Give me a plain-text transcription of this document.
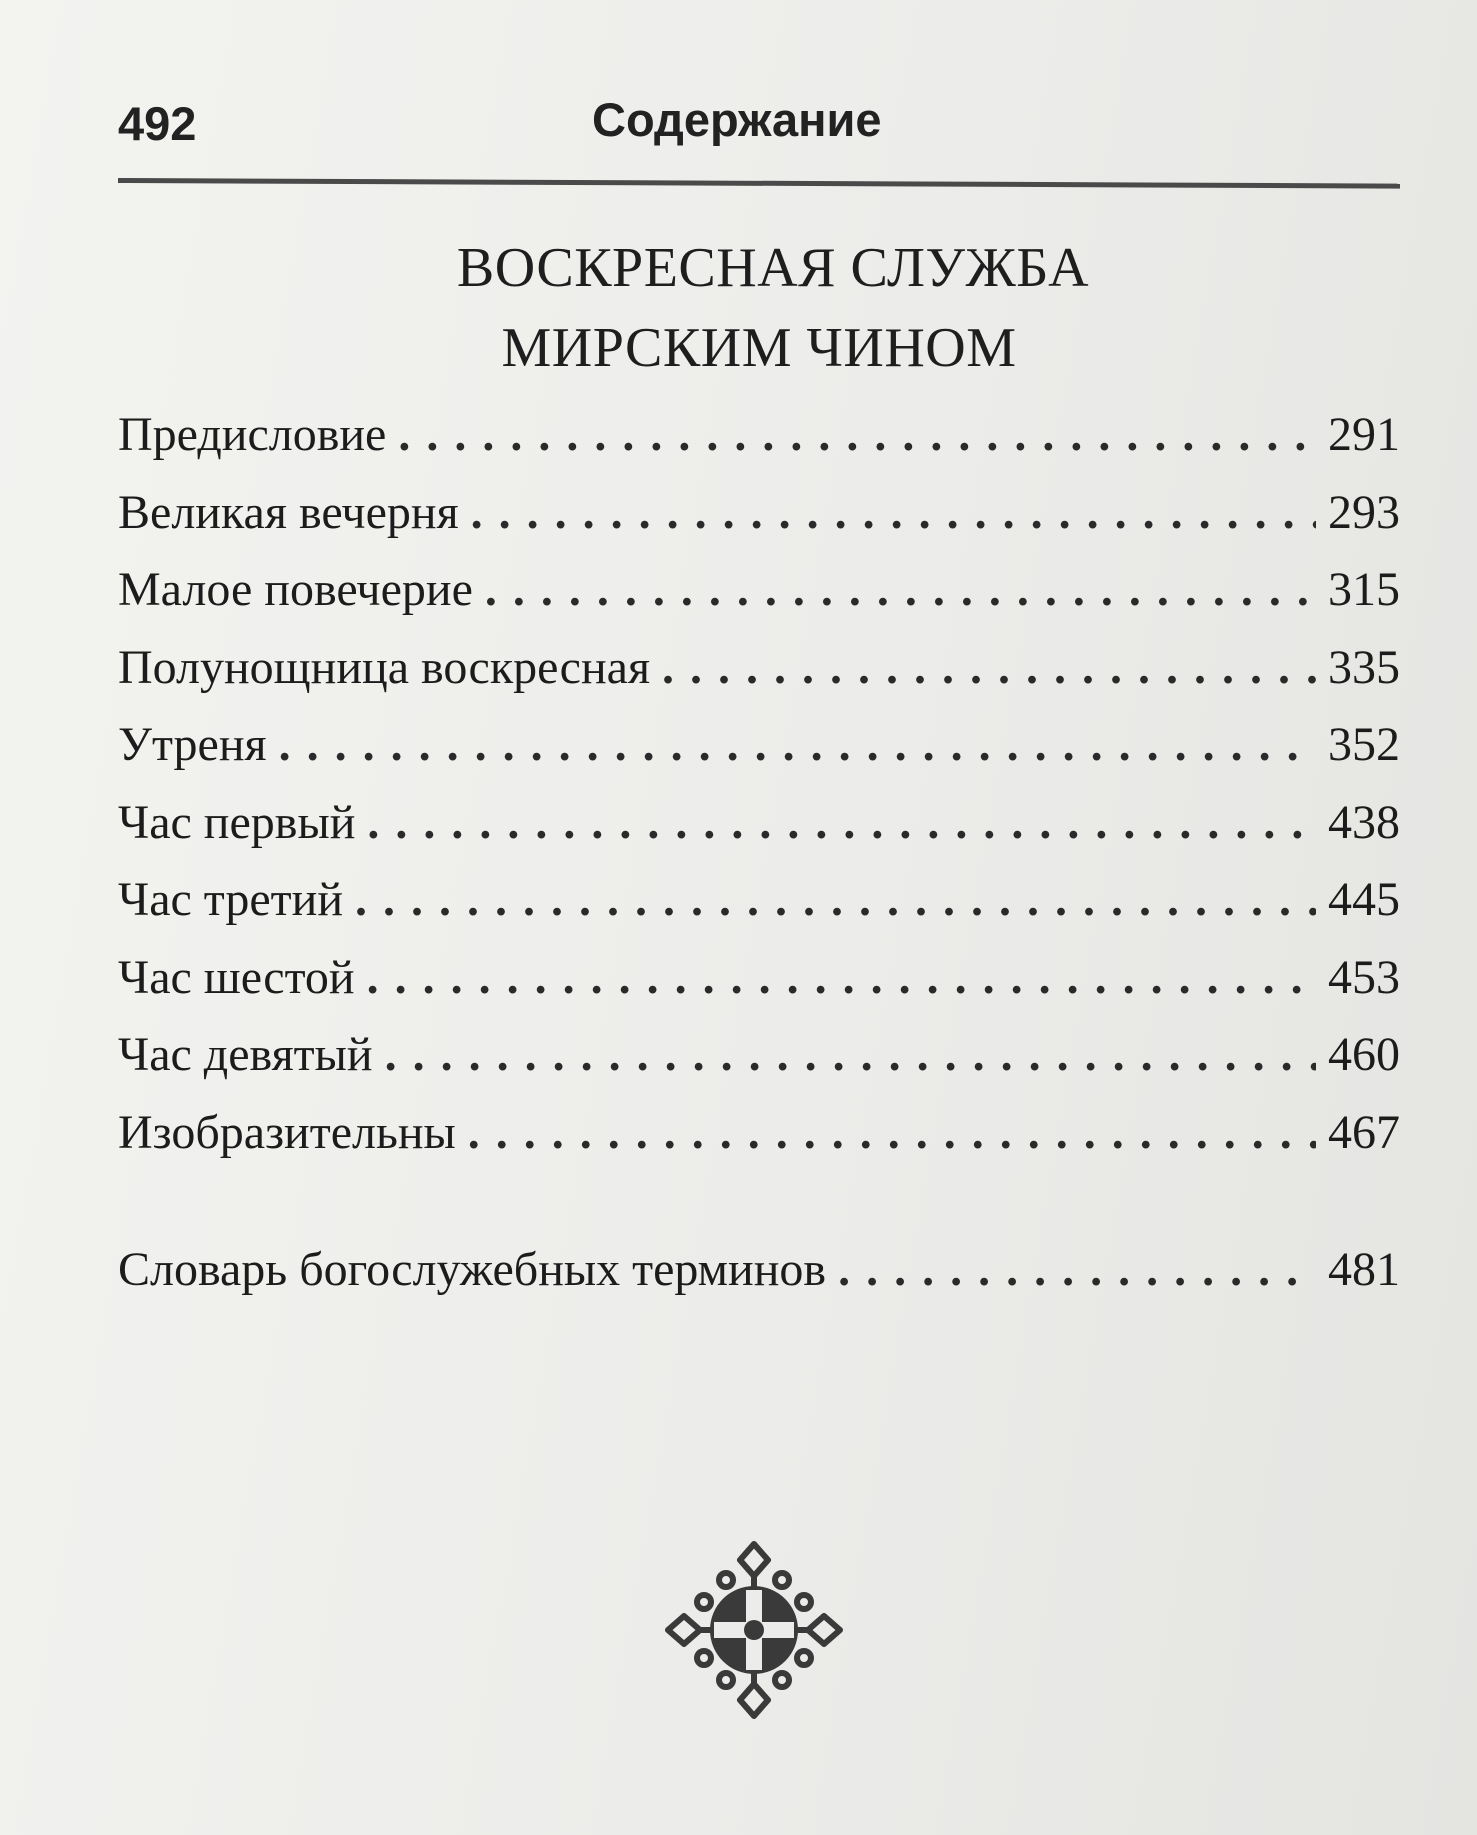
492	Содержание
ВОСКРЕСНАЯ СЛУЖБА
МИРСКИМ ЧИНОМ
Предисловие . . .	291
Великая вечерня . . .	293
Малое повечерие . . .	315
Полунощница воскресная . . .	335
Утреня . . .	352
Час первый . . .	438
Час третий . . .	445
Час шестой . . .	453
Час девятый . . .	460
Изобразительны . . .	467
Словарь богослужебных терминов . . .	481
